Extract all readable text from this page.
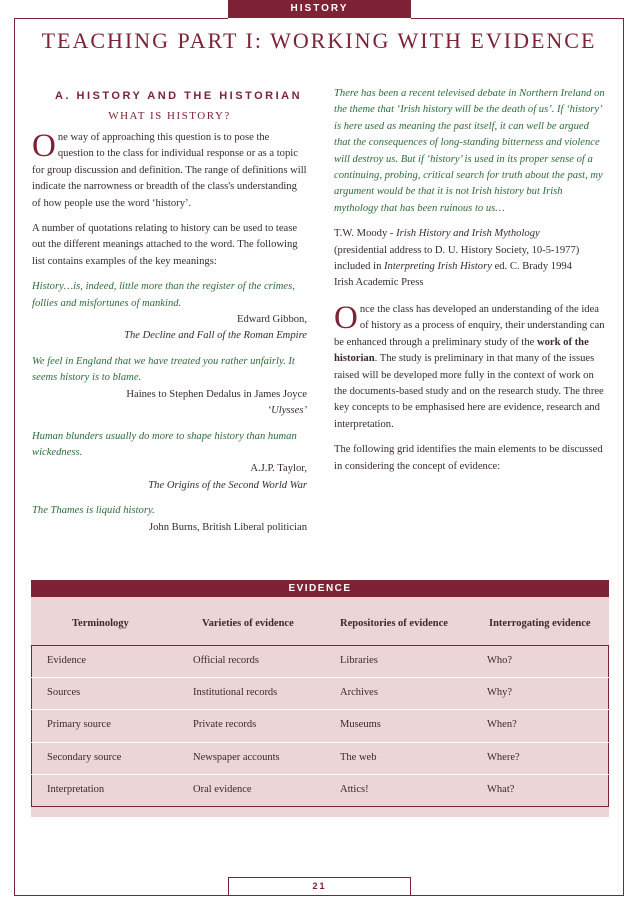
HISTORY
TEACHING PART I: WORKING WITH EVIDENCE
A. HISTORY AND THE HISTORIAN
WHAT IS HISTORY?

One way of approaching this question is to pose the question to the class for individual response or as a topic for group discussion and definition. The range of definitions will indicate the narrowness or breadth of the class's understanding of how people use the word ‘history’.

A number of quotations relating to history can be used to tease out the different meanings attached to the word. The following list contains examples of the key meanings:

History…is, indeed, little more than the register of the crimes, follies and misfortunes of mankind.

Edward Gibbon,

The Decline and Fall of the Roman Empire

We feel in England that we have treated you rather unfairly. It seems history is to blame.

Haines to Stephen Dedalus in James Joyce

‘Ulysses’

Human blunders usually do more to shape history than human wickedness.

A.J.P. Taylor,

The Origins of the Second World War

The Thames is liquid history.

John Burns, British Liberal politician

There has been a recent televised debate in Northern Ireland on the theme that ‘Irish history will be the death of us’. If ‘history’ is here used as meaning the past itself, it can well be argued that the consequences of long-standing bitterness and violence will destroy us. But if ‘history’ is used in its proper sense of a continuing, probing, critical search for truth about the past, my argument would be that it is not Irish history but Irish mythology that has been ruinous to us…

T.W. Moody - Irish History and Irish Mythology

(presidential address to D. U. History Society, 10-5-1977)

included in Interpreting Irish History ed. C. Brady 1994

Irish Academic Press

Once the class has developed an understanding of the idea of history as a process of enquiry, their understanding can be enhanced through a preliminary study of the work of the historian. The study is preliminary in that many of the issues raised will be developed more fully in the context of work on the documents-based study and on the research study. The three key concepts to be emphasised here are evidence, research and interpretation.

The following grid identifies the main elements to be discussed in considering the concept of evidence:

EVIDENCE
Terminology	Varieties of evidence	Repositories of evidence	Interrogating evidence
Evidence	Official records	Libraries	Who?
Sources	Institutional records	Archives	Why?
Primary source	Private records	Museums	When?
Secondary source	Newspaper accounts	The web	Where?
Interpretation	Oral evidence	Attics!	What?
21
